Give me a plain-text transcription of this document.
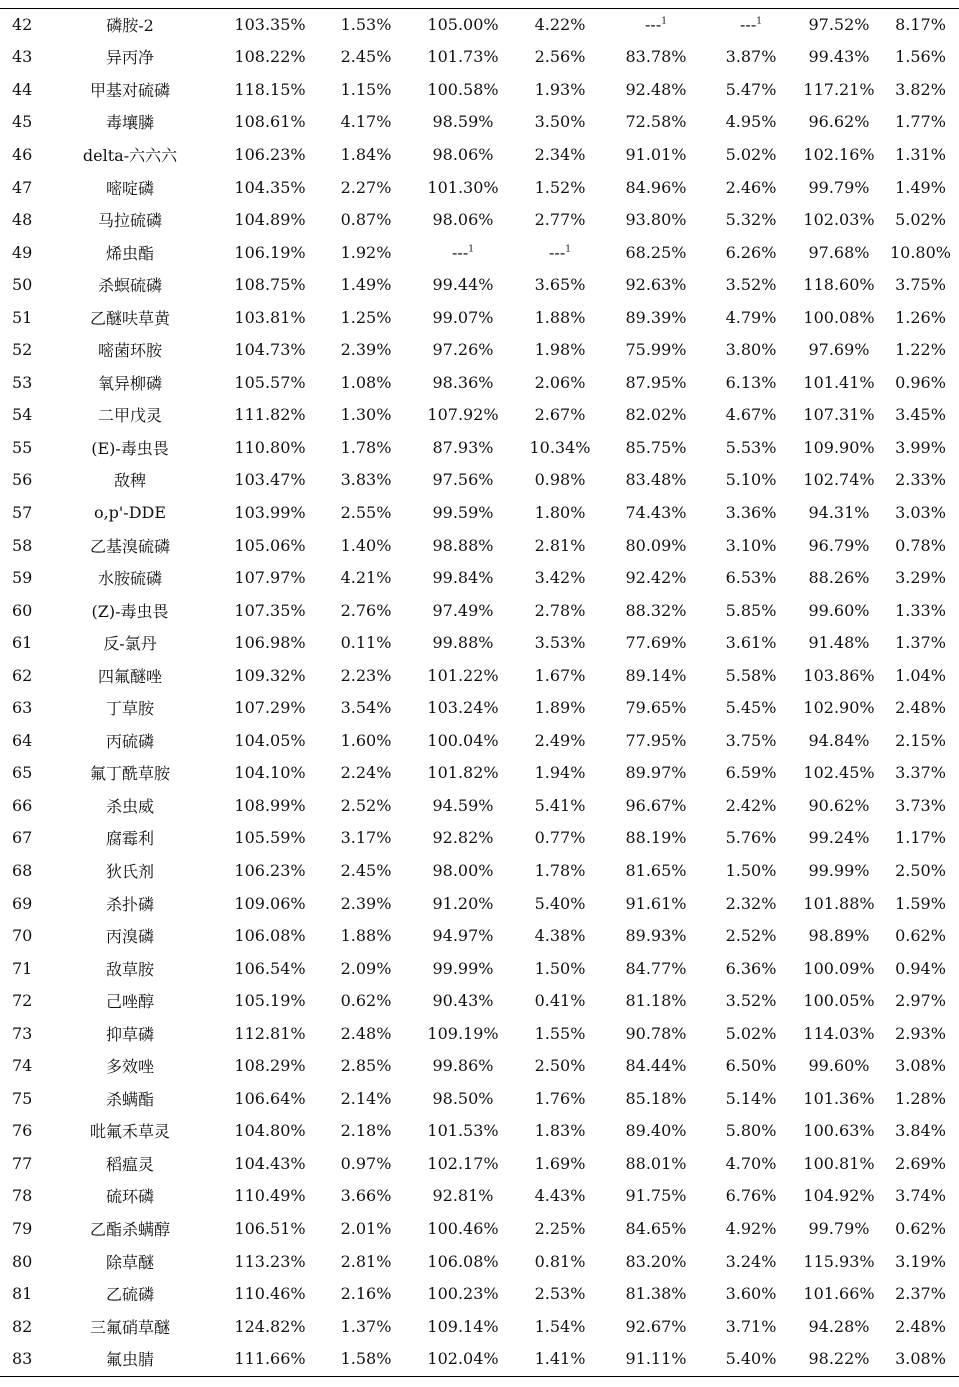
42	磷胺-2	103.35%	1.53%	105.00%	4.22%	---$^1$	---$^1$	97.52%	8.17%
43	异丙净	108.22%	2.45%	101.73%	2.56%	83.78%	3.87%	99.43%	1.56%
44	甲基对硫磷	118.15%	1.15%	100.58%	1.93%	92.48%	5.47%	117.21%	3.82%
45	毒壤膦	108.61%	4.17%	98.59%	3.50%	72.58%	4.95%	96.62%	1.77%
46	delta-六六六	106.23%	1.84%	98.06%	2.34%	91.01%	5.02%	102.16%	1.31%
47	嘧啶磷	104.35%	2.27%	101.30%	1.52%	84.96%	2.46%	99.79%	1.49%
48	马拉硫磷	104.89%	0.87%	98.06%	2.77%	93.80%	5.32%	102.03%	5.02%
49	烯虫酯	106.19%	1.92%	---$^1$	---$^1$	68.25%	6.26%	97.68%	10.80%
50	杀螟硫磷	108.75%	1.49%	99.44%	3.65%	92.63%	3.52%	118.60%	3.75%
51	乙醚呋草黄	103.81%	1.25%	99.07%	1.88%	89.39%	4.79%	100.08%	1.26%
52	嘧菌环胺	104.73%	2.39%	97.26%	1.98%	75.99%	3.80%	97.69%	1.22%
53	氧异柳磷	105.57%	1.08%	98.36%	2.06%	87.95%	6.13%	101.41%	0.96%
54	二甲戊灵	111.82%	1.30%	107.92%	2.67%	82.02%	4.67%	107.31%	3.45%
55	(E)-毒虫畏	110.80%	1.78%	87.93%	10.34%	85.75%	5.53%	109.90%	3.99%
56	敌稗	103.47%	3.83%	97.56%	0.98%	83.48%	5.10%	102.74%	2.33%
57	o,p'-DDE	103.99%	2.55%	99.59%	1.80%	74.43%	3.36%	94.31%	3.03%
58	乙基溴硫磷	105.06%	1.40%	98.88%	2.81%	80.09%	3.10%	96.79%	0.78%
59	水胺硫磷	107.97%	4.21%	99.84%	3.42%	92.42%	6.53%	88.26%	3.29%
60	(Z)-毒虫畏	107.35%	2.76%	97.49%	2.78%	88.32%	5.85%	99.60%	1.33%
61	反-氯丹	106.98%	0.11%	99.88%	3.53%	77.69%	3.61%	91.48%	1.37%
62	四氟醚唑	109.32%	2.23%	101.22%	1.67%	89.14%	5.58%	103.86%	1.04%
63	丁草胺	107.29%	3.54%	103.24%	1.89%	79.65%	5.45%	102.90%	2.48%
64	丙硫磷	104.05%	1.60%	100.04%	2.49%	77.95%	3.75%	94.84%	2.15%
65	氟丁酰草胺	104.10%	2.24%	101.82%	1.94%	89.97%	6.59%	102.45%	3.37%
66	杀虫威	108.99%	2.52%	94.59%	5.41%	96.67%	2.42%	90.62%	3.73%
67	腐霉利	105.59%	3.17%	92.82%	0.77%	88.19%	5.76%	99.24%	1.17%
68	狄氏剂	106.23%	2.45%	98.00%	1.78%	81.65%	1.50%	99.99%	2.50%
69	杀扑磷	109.06%	2.39%	91.20%	5.40%	91.61%	2.32%	101.88%	1.59%
70	丙溴磷	106.08%	1.88%	94.97%	4.38%	89.93%	2.52%	98.89%	0.62%
71	敌草胺	106.54%	2.09%	99.99%	1.50%	84.77%	6.36%	100.09%	0.94%
72	己唑醇	105.19%	0.62%	90.43%	0.41%	81.18%	3.52%	100.05%	2.97%
73	抑草磷	112.81%	2.48%	109.19%	1.55%	90.78%	5.02%	114.03%	2.93%
74	多效唑	108.29%	2.85%	99.86%	2.50%	84.44%	6.50%	99.60%	3.08%
75	杀螨酯	106.64%	2.14%	98.50%	1.76%	85.18%	5.14%	101.36%	1.28%
76	吡氟禾草灵	104.80%	2.18%	101.53%	1.83%	89.40%	5.80%	100.63%	3.84%
77	稻瘟灵	104.43%	0.97%	102.17%	1.69%	88.01%	4.70%	100.81%	2.69%
78	硫环磷	110.49%	3.66%	92.81%	4.43%	91.75%	6.76%	104.92%	3.74%
79	乙酯杀螨醇	106.51%	2.01%	100.46%	2.25%	84.65%	4.92%	99.79%	0.62%
80	除草醚	113.23%	2.81%	106.08%	0.81%	83.20%	3.24%	115.93%	3.19%
81	乙硫磷	110.46%	2.16%	100.23%	2.53%	81.38%	3.60%	101.66%	2.37%
82	三氟硝草醚	124.82%	1.37%	109.14%	1.54%	92.67%	3.71%	94.28%	2.48%
83	氟虫腈	111.66%	1.58%	102.04%	1.41%	91.11%	5.40%	98.22%	3.08%
